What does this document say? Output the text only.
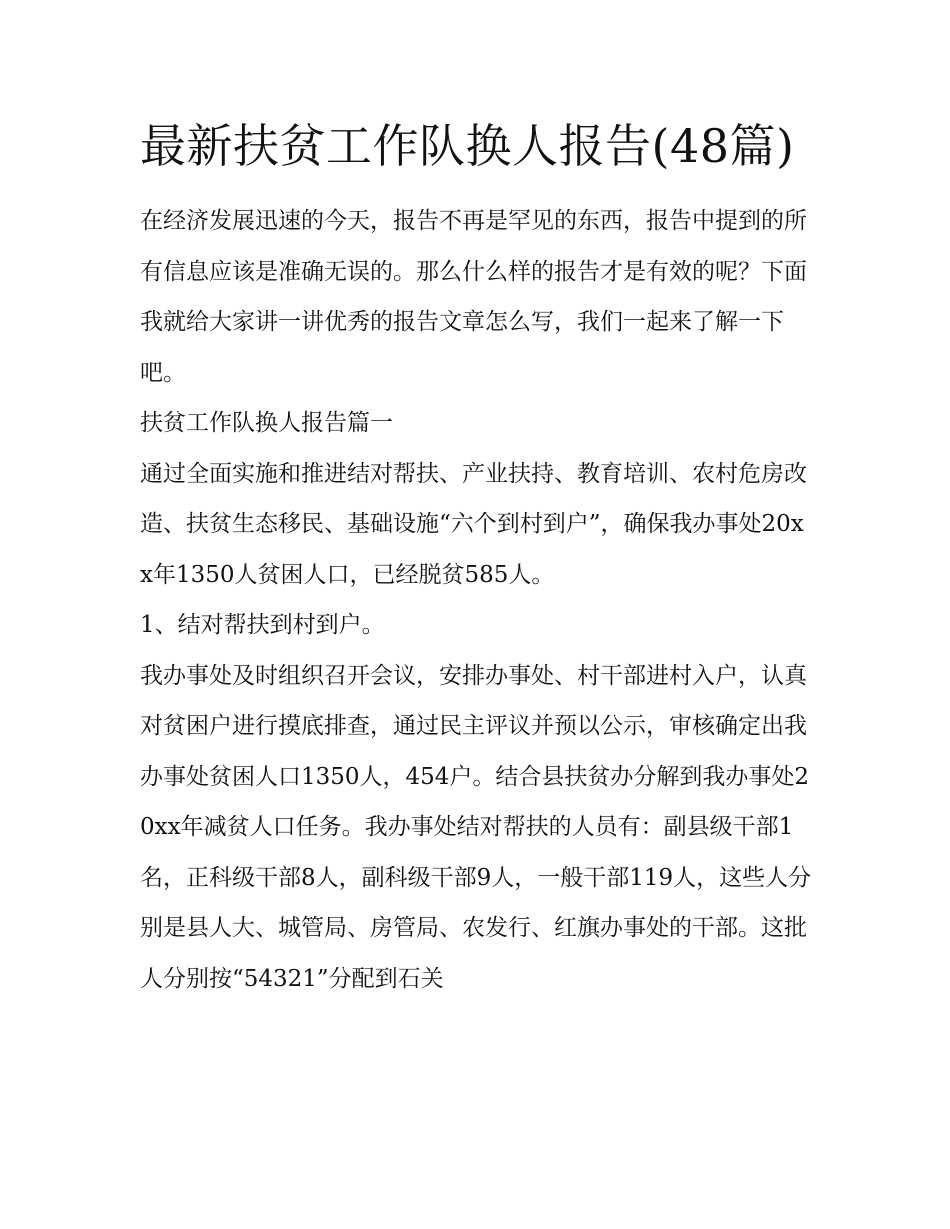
最新扶贫工作队换人报告(48篇)

在经济发展迅速的今天，报告不再是罕见的东西，报告中提到的所有信息应该是准确无误的。那么什么样的报告才是有效的呢？下面我就给大家讲一讲优秀的报告文章怎么写，我们一起来了解一下吧。

扶贫工作队换人报告篇一

通过全面实施和推进结对帮扶、产业扶持、教育培训、农村危房改造、扶贫生态移民、基础设施“六个到村到户”，确保我办事处20xx年1350人贫困人口，已经脱贫585人。

1、结对帮扶到村到户。

我办事处及时组织召开会议，安排办事处、村干部进村入户，认真对贫困户进行摸底排查，通过民主评议并预以公示，审核确定出我办事处贫困人口1350人，454户。结合县扶贫办分解到我办事处20xx年减贫人口任务。我办事处结对帮扶的人员有：副县级干部1名，正科级干部8人，副科级干部9人，一般干部119人，这些人分别是县人大、城管局、房管局、农发行、红旗办事处的干部。这批人分别按“54321”分配到石关
